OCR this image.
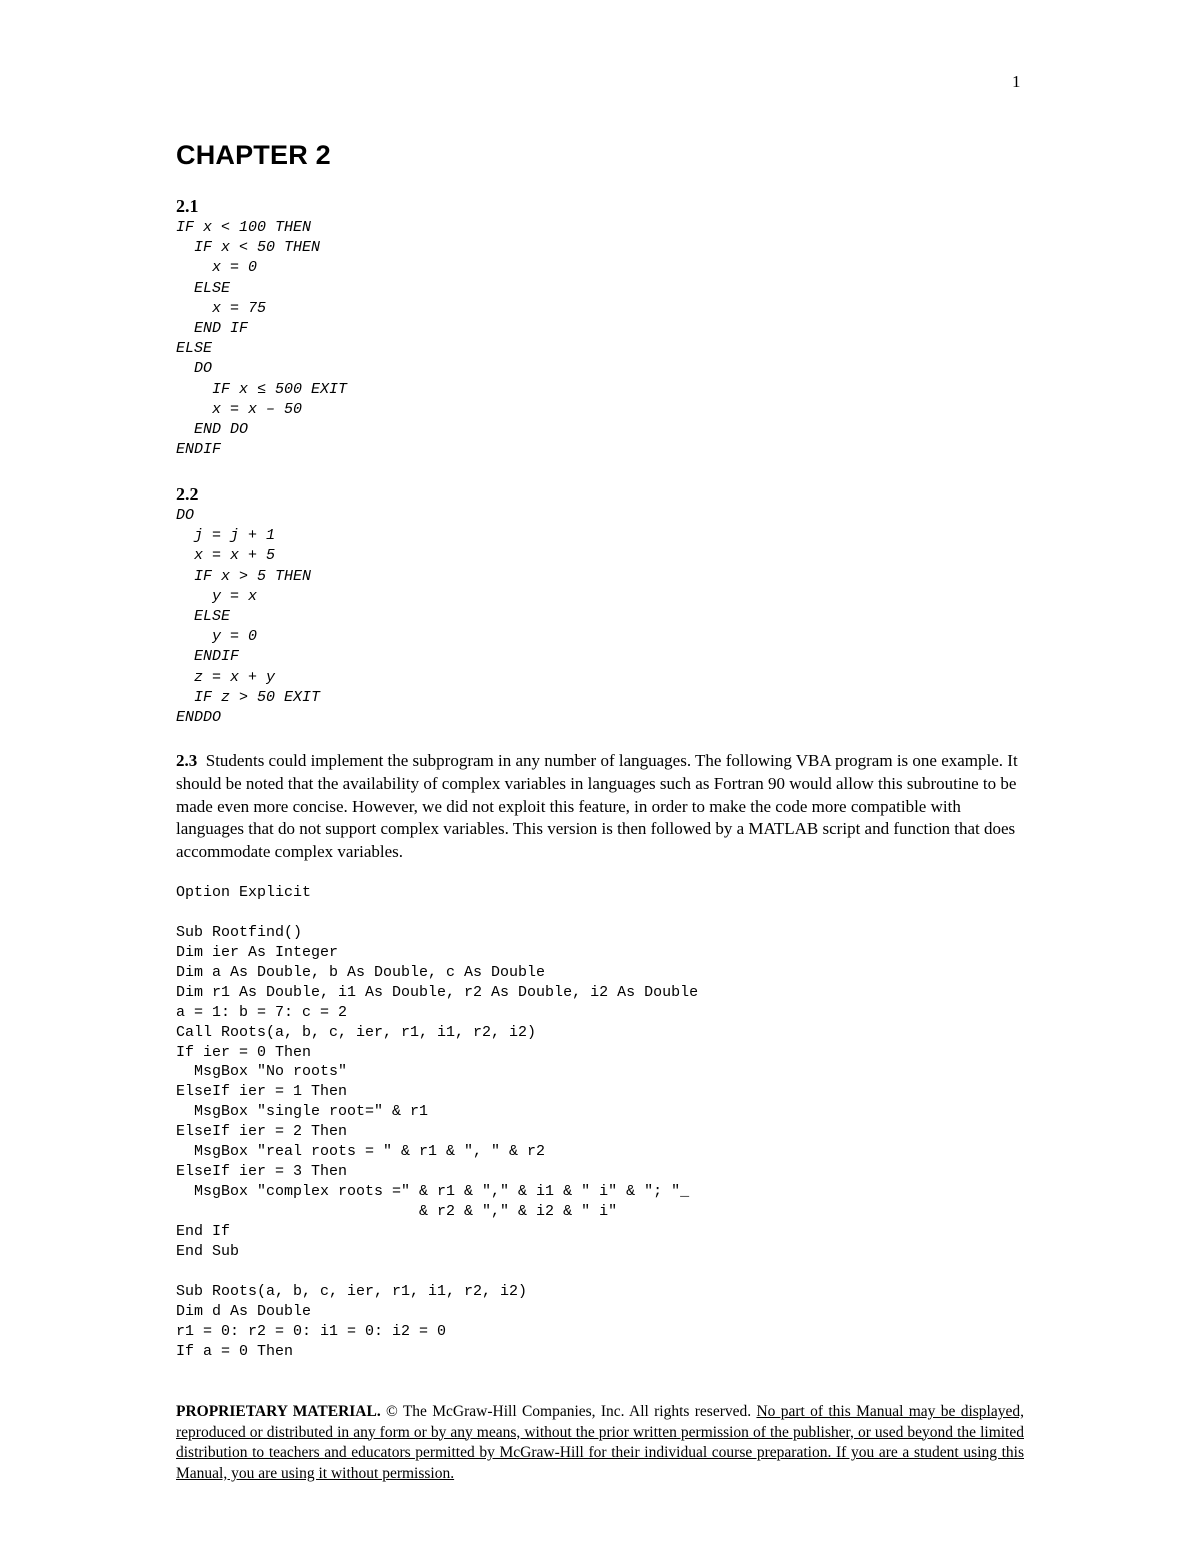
1
CHAPTER 2
2.1
IF x < 100 THEN
IF x < 50 THEN
x = 0
ELSE
x = 75
END IF
ELSE
DO
IF x ≤ 500 EXIT
x = x – 50
END DO
ENDIF
2.2
DO
j = j + 1
x = x + 5
IF x > 5 THEN
y = x
ELSE
y = 0
ENDIF
z = x + y
IF z > 50 EXIT
ENDDO

2.3 Students could implement the subprogram in any number of languages. The following VBA program is one example. It should be noted that the availability of complex variables in languages such as Fortran 90 would allow this subroutine to be made even more concise. However, we did not exploit this feature, in order to make the code more compatible with languages that do not support complex variables. This version is then followed by a MATLAB script and function that does accommodate complex variables.

Option Explicit
Sub Rootfind()
Dim ier As Integer
Dim a As Double, b As Double, c As Double
Dim r1 As Double, i1 As Double, r2 As Double, i2 As Double
a = 1: b = 7: c = 2
Call Roots(a, b, c, ier, r1, i1, r2, i2)
If ier = 0 Then
MsgBox "No roots"
ElseIf ier = 1 Then
MsgBox "single root=" & r1
ElseIf ier = 2 Then
MsgBox "real roots = " & r1 & ", " & r2
ElseIf ier = 3 Then
MsgBox "complex roots =" & r1 & "," & i1 & " i" & "; "_
& r2 & "," & i2 & " i"
End If
End Sub
Sub Roots(a, b, c, ier, r1, i1, r2, i2)
Dim d As Double
r1 = 0: r2 = 0: i1 = 0: i2 = 0
If a = 0 Then

PROPRIETARY MATERIAL. © The McGraw-Hill Companies, Inc. All rights reserved. No part of this Manual may be displayed, reproduced or distributed in any form or by any means, without the prior written permission of the publisher, or used beyond the limited distribution to teachers and educators permitted by McGraw-Hill for their individual course preparation. If you are a student using this Manual, you are using it without permission.
